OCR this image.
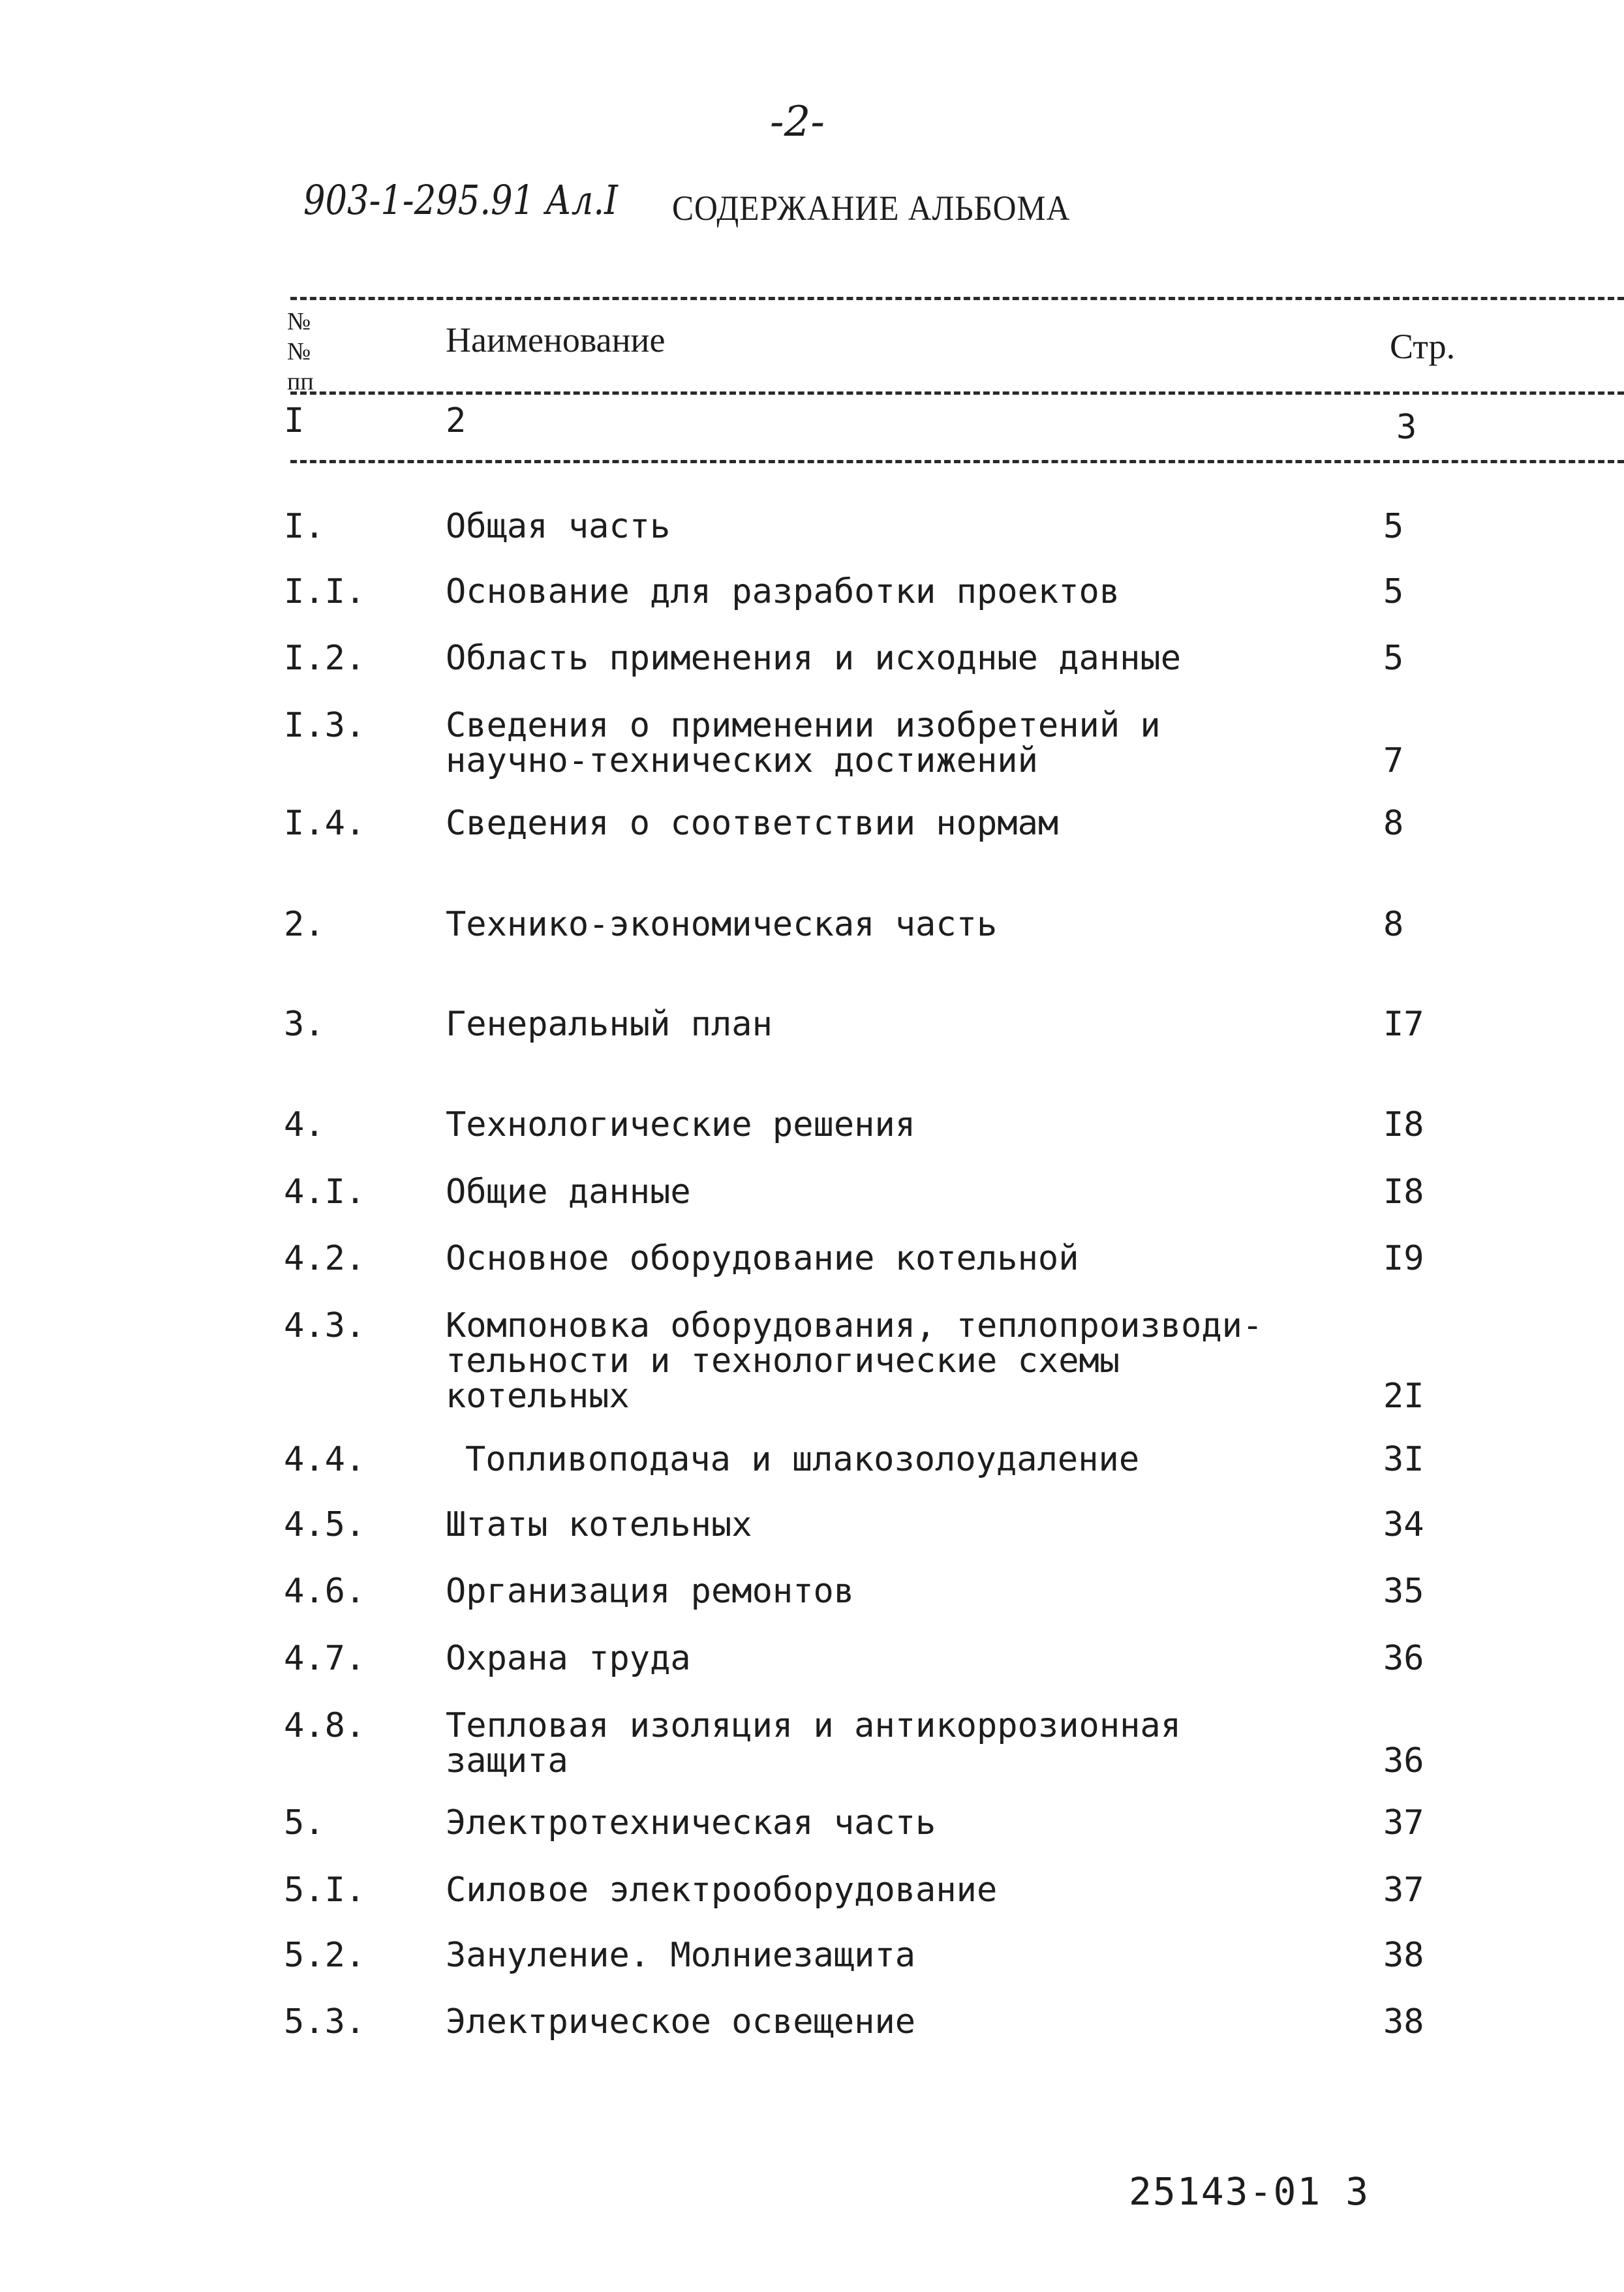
-2-
903-1-295.91 Ал.I СОДЕРЖАНИЕ АЛЬБОМА
№№ пп
Наименование	Стр.
I	2	3
I.	Общая часть	5
I.I. Основание для разработки проектов	5
I.2. Область применения и исходные данные	5
I.3. Сведения о применении изобретений и
научно-технических достижений	7
I.4. Сведения о соответствии нормам	8
2.	Технико-экономическая часть	8
3.	Генеральный план	I7
4.	Технологические решения	I8
4.I. Общие данные	I8
4.2. Основное оборудование котельной	I9
4.3. Компоновка оборудования, теплопроизводи-
тельности и технологические схемы
котельных	2I
4.4.	Топливоподача и шлакозолоудаление	3I
4.5. Штаты котельных	34
4.6. Организация ремонтов	35
4.7. Охрана труда	36
4.8. Тепловая изоляция и антикоррозионная
защита	36
5.	Электротехническая часть	37
5.I. Силовое электрооборудование	37
5.2. Зануление. Молниезащита	38
5.3. Электрическое освещение	38
25143-01 3
